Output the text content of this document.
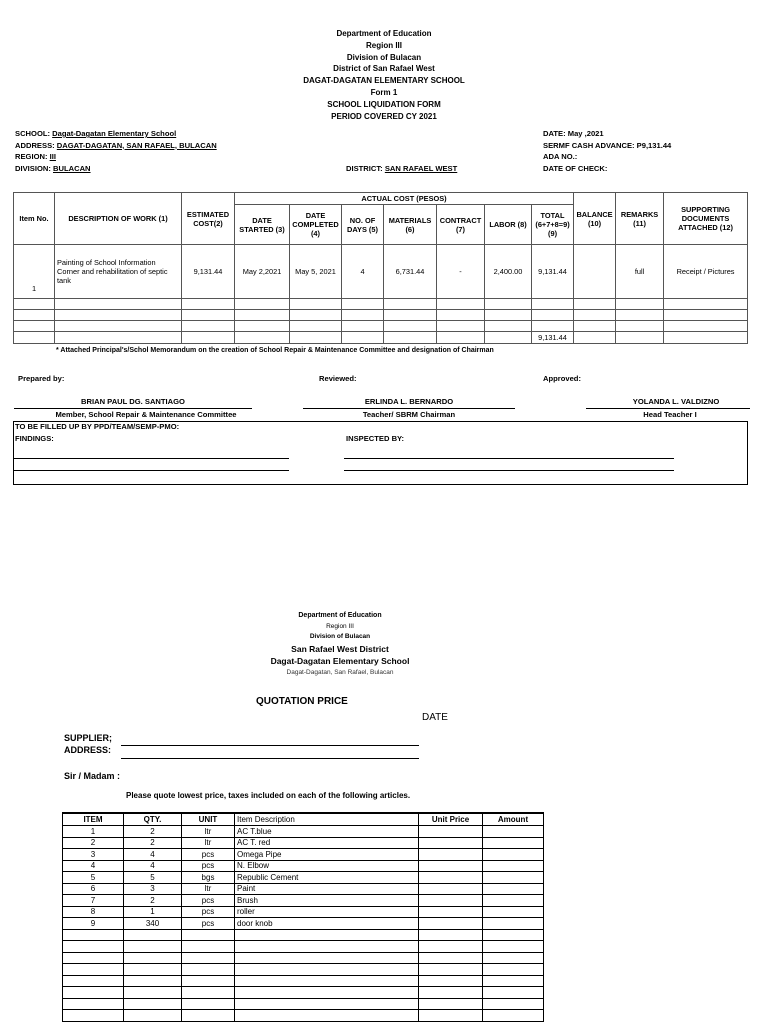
Department of Education
Region III
Division of Bulacan
District of San Rafael West
DAGAT-DAGATAN ELEMENTARY SCHOOL
Form 1
SCHOOL LIQUIDATION FORM
PERIOD COVERED CY 2021
SCHOOL: Dagat-Dagatan Elementary School
ADDRESS: DAGAT-DAGATAN, SAN RAFAEL, BULACAN
REGION: III
DIVISION: BULACAN	DISTRICT: SAN RAFAEL WEST
DATE: May ,2021
SERMF CASH ADVANCE: P9,131.44
ADA NO.:
DATE OF CHECK:
Item No.	DESCRIPTION OF WORK (1)	ESTIMATED COST(2)	ACTUAL COST (PESOS)							BALANCE (10)	REMARKS (11)	SUPPORTING DOCUMENTS ATTACHED (12)
			DATE STARTED (3)	DATE COMPLETED (4)	NO. OF DAYS (5)	MATERIALS (6)	CONTRACT (7)	LABOR (8)	TOTAL (6+7+8=9) (9)			
1	Painting of School Information Corner and rehabilitation of septic tank	9,131.44	May 2,2021	May 5, 2021	4	6,731.44	-	2,400.00	9,131.44		full	Receipt / Pictures

									9,131.44			
* Attached Principal's/Schol Memorandum on the creation of School Repair & Maintenance Committee and designation of Chairman
Prepared by:	Reviewed:	Approved:
BRIAN PAUL DG. SANTIAGO	ERLINDA L. BERNARDO	YOLANDA L. VALDIZNO
Member, School Repair & Maintenance Committee	Teacher/ SBRM Chairman	Head Teacher I
TO BE FILLED UP BY PPD/TEAM/SEMP-PMO:
FINDINGS:	INSPECTED BY:
Department of Education
Region III
Division of Bulacan
San Rafael West District
Dagat-Dagatan Elementary School
Dagat-Dagatan, San Rafael, Bulacan
QUOTATION PRICE
DATE
SUPPLIER;
ADDRESS:
Sir / Madam :
Please quote lowest price, taxes included on each of the following articles.
ITEM	QTY.	UNIT	Item Description	Unit Price	Amount
1	2	ltr	AC T.blue		
2	2	ltr	AC T. red		
3	4	pcs	Omega Pipe		
4	4	pcs	N. Elbow		
5	5	bgs	Republic Cement		
6	3	ltr	Paint		
7	2	pcs	Brush		
8	1	pcs	roller		
9	340	pcs	door knob		
